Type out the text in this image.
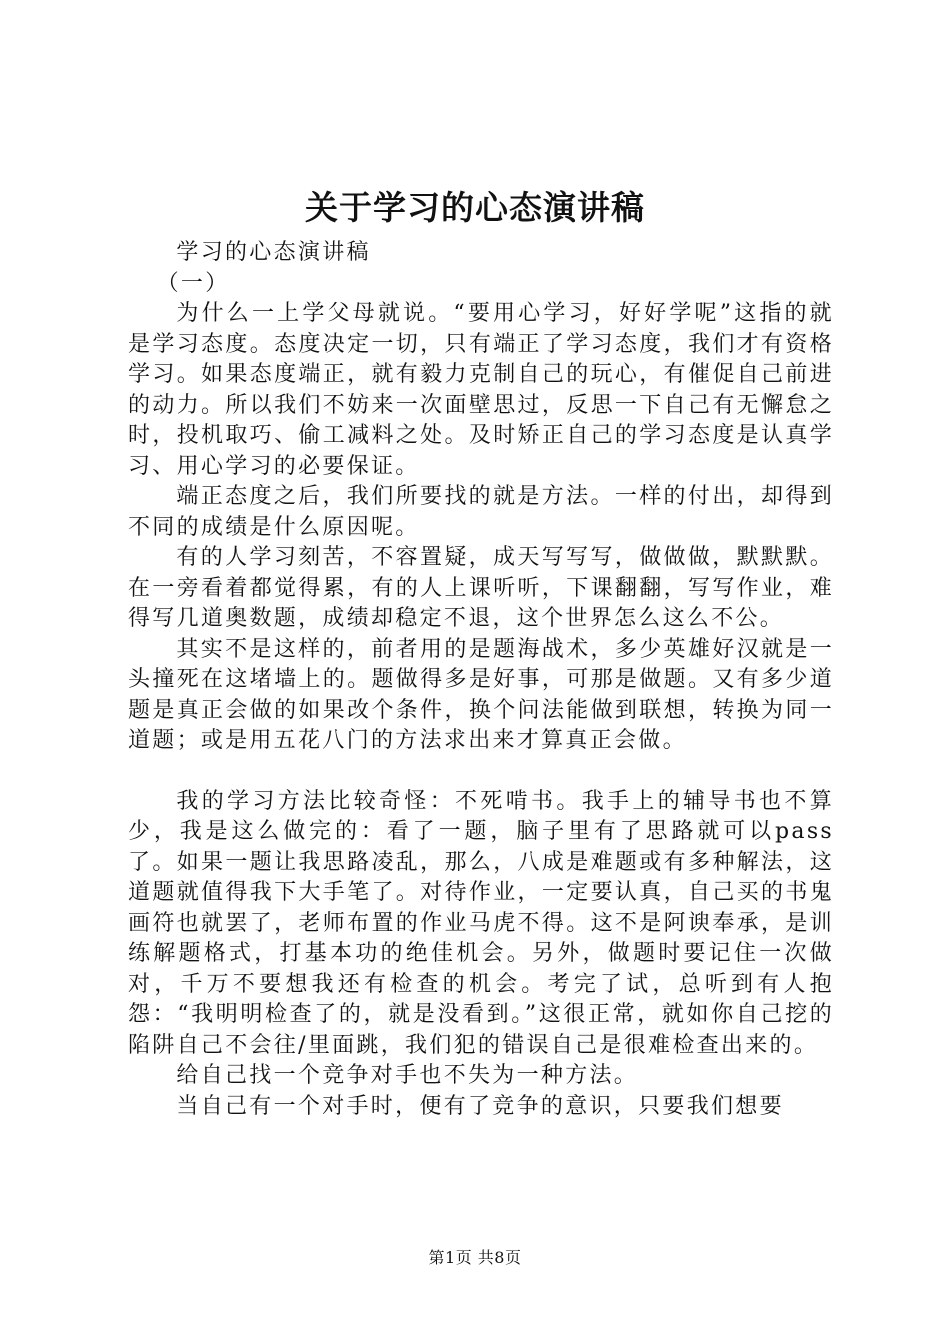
关于学习的心态演讲稿

学习的心态演讲稿

（一）

为什么一上学父母就说。“要用心学习，好好学呢”这指的就是学习态度。态度决定一切，只有端正了学习态度，我们才有资格学习。如果态度端正，就有毅力克制自己的玩心，有催促自己前进的动力。所以我们不妨来一次面壁思过，反思一下自己有无懈怠之时，投机取巧、偷工减料之处。及时矫正自己的学习态度是认真学习、用心学习的必要保证。

端正态度之后，我们所要找的就是方法。一样的付出，却得到不同的成绩是什么原因呢。

有的人学习刻苦，不容置疑，成天写写写，做做做，默默默。在一旁看着都觉得累，有的人上课听听，下课翻翻，写写作业，难得写几道奥数题，成绩却稳定不退，这个世界怎么这么不公。

其实不是这样的，前者用的是题海战术，多少英雄好汉就是一头撞死在这堵墙上的。题做得多是好事，可那是做题。又有多少道题是真正会做的如果改个条件，换个问法能做到联想，转换为同一道题；或是用五花八门的方法求出来才算真正会做。

我的学习方法比较奇怪：不死啃书。我手上的辅导书也不算少，我是这么做完的：看了一题，脑子里有了思路就可以pass了。如果一题让我思路凌乱，那么，八成是难题或有多种解法，这道题就值得我下大手笔了。对待作业，一定要认真，自己买的书鬼画符也就罢了，老师布置的作业马虎不得。这不是阿谀奉承，是训练解题格式，打基本功的绝佳机会。另外，做题时要记住一次做对，千万不要想我还有检查的机会。考完了试，总听到有人抱怨：“我明明检查了的，就是没看到。”这很正常，就如你自己挖的陷阱自己不会往/里面跳，我们犯的错误自己是很难检查出来的。

给自己找一个竞争对手也不失为一种方法。

当自己有一个对手时，便有了竞争的意识，只要我们想要

第1页 共8页
